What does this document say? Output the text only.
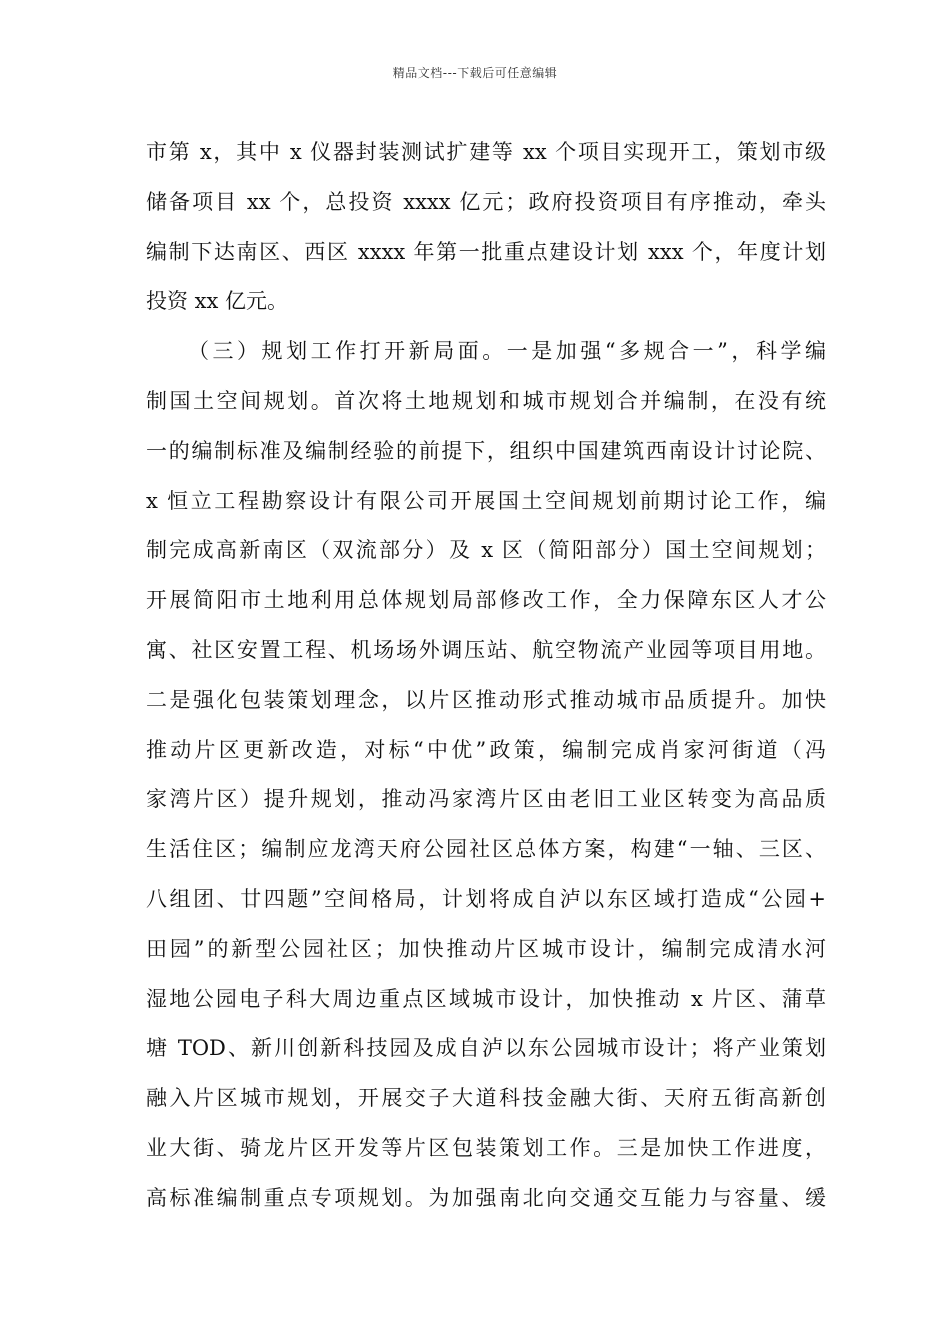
精品文档---下载后可任意编辑
市第 x，其中 x 仪器封装测试扩建等 xx 个项目实现开工，策划市级
储备项目 xx 个，总投资 xxxx 亿元；政府投资项目有序推动，牵头
编制下达南区、西区 xxxx 年第一批重点建设计划 xxx 个，年度计划
投资 xx 亿元。
（三）规划工作打开新局面。一是加强“多规合一”，科学编
制国土空间规划。首次将土地规划和城市规划合并编制，在没有统
一的编制标准及编制经验的前提下，组织中国建筑西南设计讨论院、
x 恒立工程勘察设计有限公司开展国土空间规划前期讨论工作，编
制完成高新南区（双流部分）及 x 区（简阳部分）国土空间规划；
开展简阳市土地利用总体规划局部修改工作，全力保障东区人才公
寓、社区安置工程、机场场外调压站、航空物流产业园等项目用地。
二是强化包装策划理念，以片区推动形式推动城市品质提升。加快
推动片区更新改造，对标“中优”政策，编制完成肖家河街道（冯
家湾片区）提升规划，推动冯家湾片区由老旧工业区转变为高品质
生活住区；编制应龙湾天府公园社区总体方案，构建“一轴、三区、
八组团、廿四题”空间格局，计划将成自泸以东区域打造成“公园+
田园”的新型公园社区；加快推动片区城市设计，编制完成清水河
湿地公园电子科大周边重点区域城市设计，加快推动 x 片区、蒲草
塘 TOD、新川创新科技园及成自泸以东公园城市设计；将产业策划
融入片区城市规划，开展交子大道科技金融大街、天府五街高新创
业大街、骑龙片区开发等片区包装策划工作。三是加快工作进度，
高标准编制重点专项规划。为加强南北向交通交互能力与容量、缓
